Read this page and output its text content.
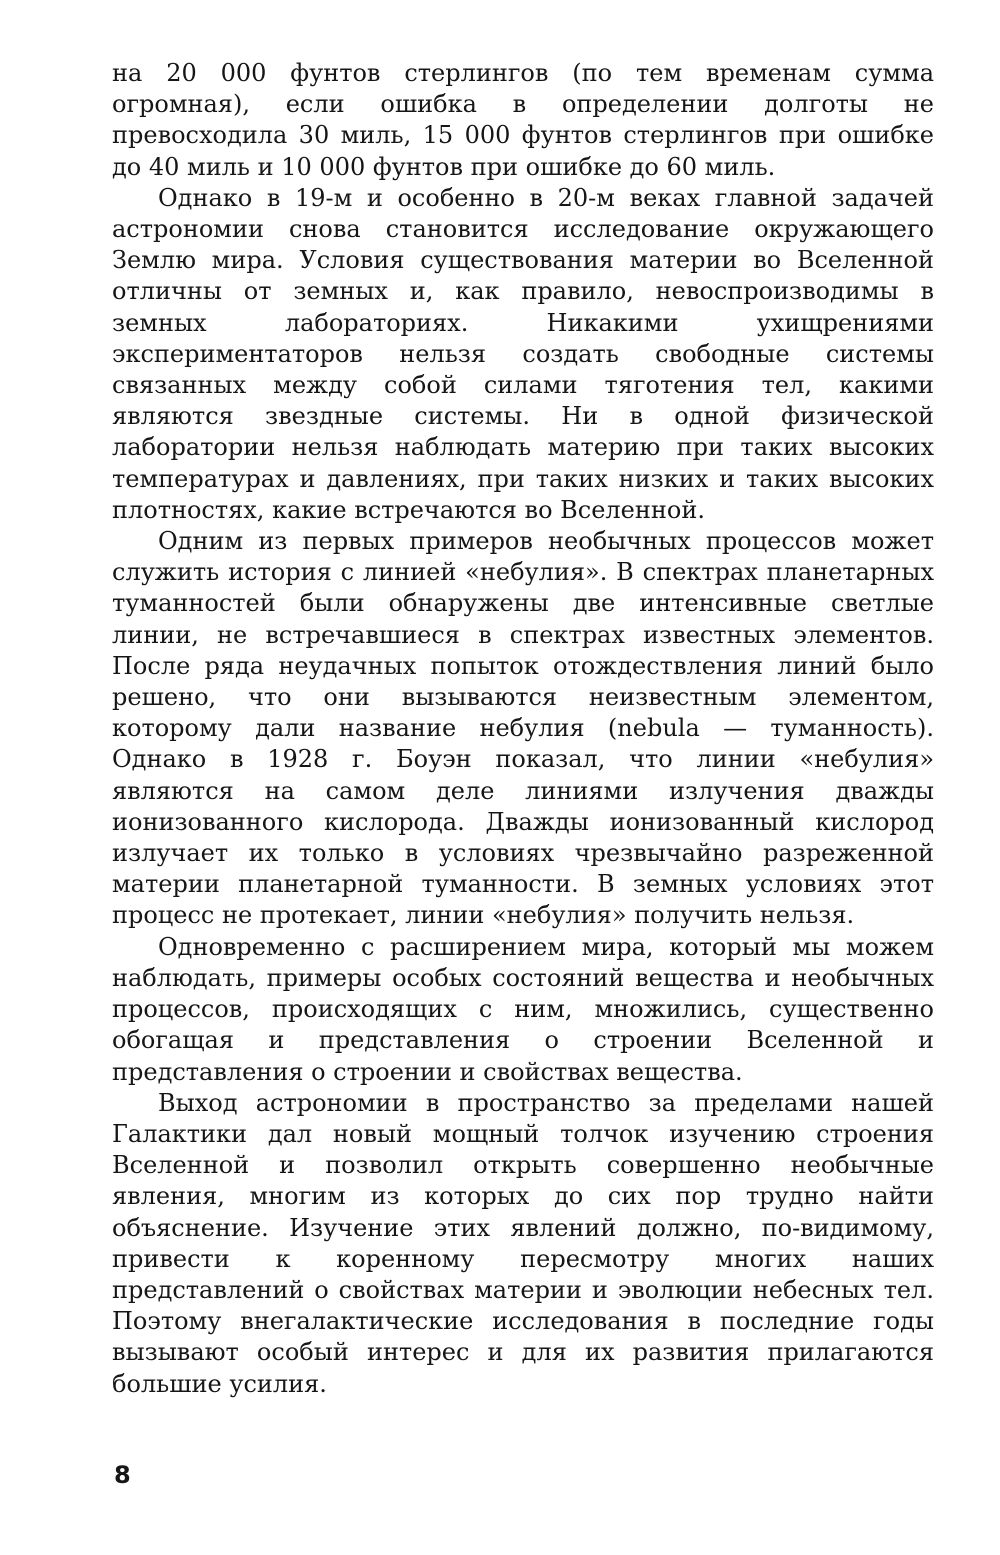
на 20 000 фунтов стерлингов (по тем временам сумма огромная), если ошибка в определении долготы не превосходила 30 миль, 15 000 фунтов стерлингов при ошибке до 40 миль и 10 000 фунтов при ошибке до 60 миль.

Однако в 19-м и особенно в 20-м веках главной задачей астрономии снова становится исследование окружающего Землю мира. Условия существования материи во Вселенной отличны от земных и, как правило, невоспроизводимы в земных лабораториях. Никакими ухищрениями экспериментаторов нельзя создать свободные системы связанных между собой силами тяготения тел, какими являются звездные системы. Ни в одной физической лаборатории нельзя наблюдать материю при таких высоких температурах и давлениях, при таких низких и таких высоких плотностях, какие встречаются во Вселенной.

Одним из первых примеров необычных процессов может служить история с линией «небулия». В спектрах планетарных туманностей были обнаружены две интенсивные светлые линии, не встречавшиеся в спектрах известных элементов. После ряда неудачных попыток отождествления линий было решено, что они вызываются неизвестным элементом, которому дали название небулия (nebula — туманность). Однако в 1928 г. Боуэн показал, что линии «небулия» являются на самом деле линиями излучения дважды ионизованного кислорода. Дважды ионизованный кислород излучает их только в условиях чрезвычайно разреженной материи планетарной туманности. В земных условиях этот процесс не протекает, линии «небулия» получить нельзя.

Одновременно с расширением мира, который мы можем наблюдать, примеры особых состояний вещества и необычных процессов, происходящих с ним, множились, существенно обогащая и представления о строении Вселенной и представления о строении и свойствах вещества.

Выход астрономии в пространство за пределами нашей Галактики дал новый мощный толчок изучению строения Вселенной и позволил открыть совершенно необычные явления, многим из которых до сих пор трудно найти объяснение. Изучение этих явлений должно, по-видимому, привести к коренному пересмотру многих наших представлений о свойствах материи и эволюции небесных тел. Поэтому внегалактические исследования в последние годы вызывают особый интерес и для их развития прилагаются большие усилия.

8
